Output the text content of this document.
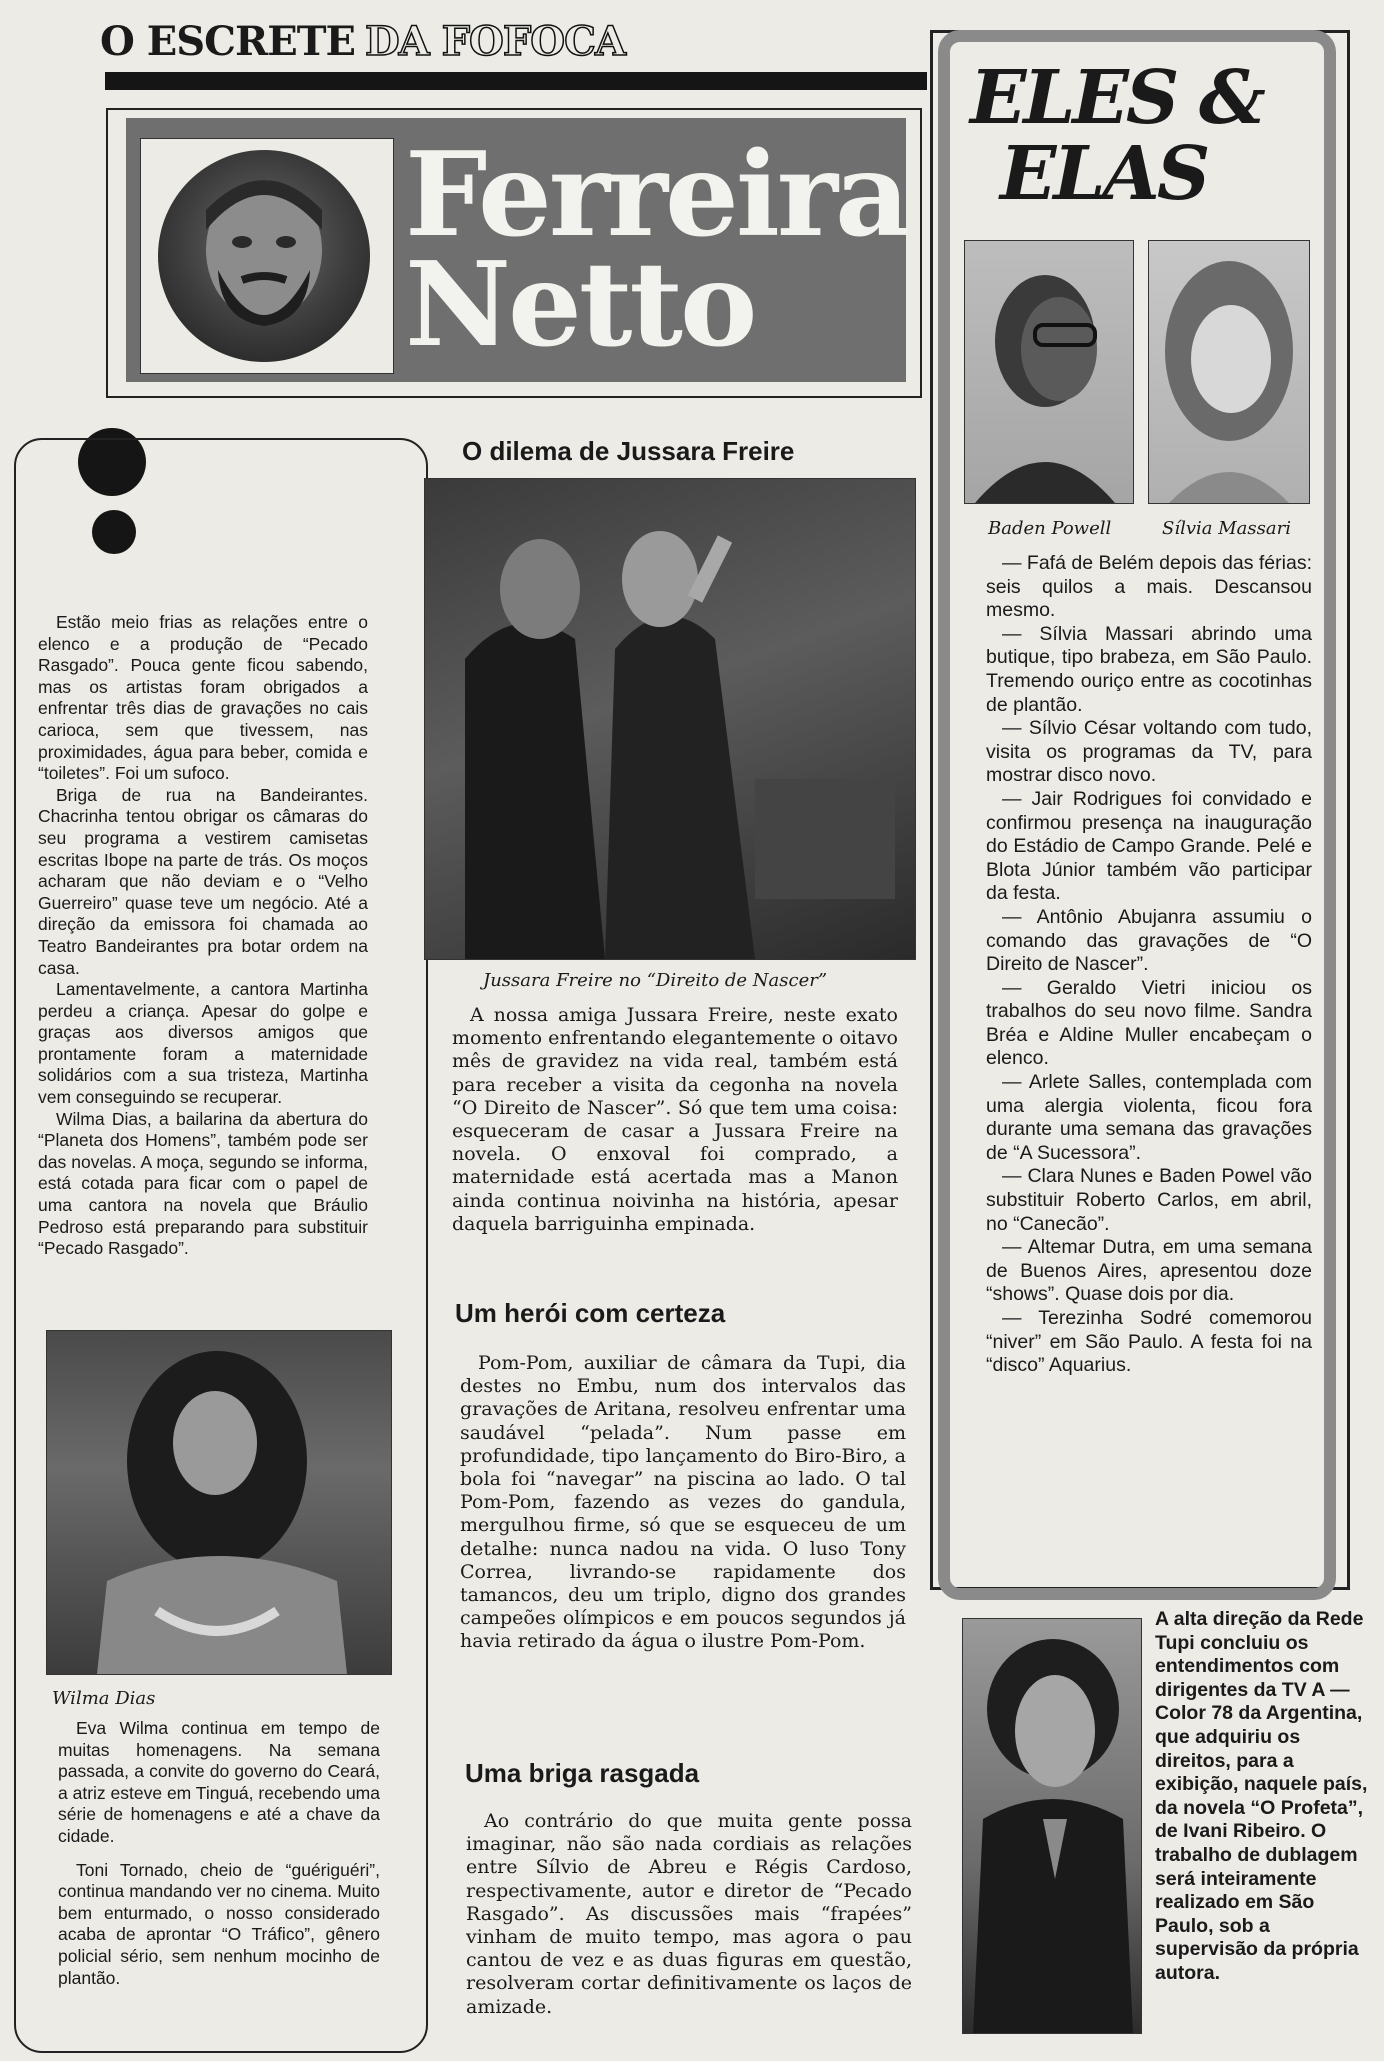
O ESCRETE DA FOFOCA
Ferreira
Netto

Estão meio frias as relações entre o elenco e a produção de “Pecado Rasgado”. Pouca gente ficou sabendo, mas os artistas foram obrigados a enfrentar três dias de gravações no cais carioca, sem que tivessem, nas proximidades, água para beber, comida e “toiletes”. Foi um sufoco.

Briga de rua na Bandeirantes. Chacrinha tentou obrigar os câmaras do seu programa a vestirem camisetas escritas Ibope na parte de trás. Os moços acharam que não deviam e o “Velho Guerreiro” quase teve um negócio. Até a direção da emissora foi chamada ao Teatro Bandeirantes pra botar ordem na casa.

Lamentavelmente, a cantora Martinha perdeu a criança. Apesar do golpe e graças aos diversos amigos que prontamente foram a maternidade solidários com a sua tristeza, Martinha vem conseguindo se recuperar.

Wilma Dias, a bailarina da abertura do “Planeta dos Homens”, também pode ser das novelas. A moça, segundo se informa, está cotada para ficar com o papel de uma cantora na novela que Bráulio Pedroso está preparando para substituir “Pecado Rasgado”.

Wilma Dias

Eva Wilma continua em tempo de muitas homenagens. Na semana passada, a convite do governo do Ceará, a atriz esteve em Tinguá, recebendo uma série de homenagens e até a chave da cidade.

Toni Tornado, cheio de “guériguéri”, continua mandando ver no cinema. Muito bem enturmado, o nosso considerado acaba de aprontar “O Tráfico”, gênero policial sério, sem nenhum mocinho de plantão.

O dilema de Jussara Freire
Jussara Freire no “Direito de Nascer”

A nossa amiga Jussara Freire, neste exato momento enfrentando elegantemente o oitavo mês de gravidez na vida real, também está para receber a visita da cegonha na novela “O Direito de Nascer”. Só que tem uma coisa: esqueceram de casar a Jussara Freire na novela. O enxoval foi comprado, a maternidade está acertada mas a Manon ainda continua noivinha na história, apesar daquela barriguinha empinada.

Um herói com certeza

Pom-Pom, auxiliar de câmara da Tupi, dia destes no Embu, num dos intervalos das gravações de Aritana, resolveu enfrentar uma saudável “pelada”. Num passe em profundidade, tipo lançamento do Biro-Biro, a bola foi “navegar” na piscina ao lado. O tal Pom-Pom, fazendo as vezes do gandula, mergulhou firme, só que se esqueceu de um detalhe: nunca nadou na vida. O luso Tony Correa, livrando-se rapidamente dos tamancos, deu um triplo, digno dos grandes campeões olímpicos e em poucos segundos já havia retirado da água o ilustre Pom-Pom.

Uma briga rasgada

Ao contrário do que muita gente possa imaginar, não são nada cordiais as relações entre Sílvio de Abreu e Régis Cardoso, respectivamente, autor e diretor de “Pecado Rasgado”. As discussões mais “frapées” vinham de muito tempo, mas agora o pau cantou de vez e as duas figuras em questão, resolveram cortar definitivamente os laços de amizade.

ELES &
ELAS
Baden Powell	Sílvia Massari

— Fafá de Belém depois das férias: seis quilos a mais. Descansou mesmo.

— Sílvia Massari abrindo uma butique, tipo brabeza, em São Paulo. Tremendo ouriço entre as cocotinhas de plantão.

— Sílvio César voltando com tudo, visita os programas da TV, para mostrar disco novo.

— Jair Rodrigues foi convidado e confirmou presença na inauguração do Estádio de Campo Grande. Pelé e Blota Júnior também vão participar da festa.

— Antônio Abujanra assumiu o comando das gravações de “O Direito de Nascer”.

— Geraldo Vietri iniciou os trabalhos do seu novo filme. Sandra Bréa e Aldine Muller encabeçam o elenco.

— Arlete Salles, contemplada com uma alergia violenta, ficou fora durante uma semana das gravações de “A Sucessora”.

— Clara Nunes e Baden Powel vão substituir Roberto Carlos, em abril, no “Canecão”.

— Altemar Dutra, em uma semana de Buenos Aires, apresentou doze “shows”. Quase dois por dia.

— Terezinha Sodré comemorou “niver” em São Paulo. A festa foi na “disco” Aquarius.

A alta direção da Rede Tupi concluiu os entendimentos com dirigentes da TV A — Color 78 da Argentina, que adquiriu os direitos, para a exibição, naquele país, da novela “O Profeta”, de Ivani Ribeiro. O trabalho de dublagem será inteiramente realizado em São Paulo, sob a supervisão da própria autora.
